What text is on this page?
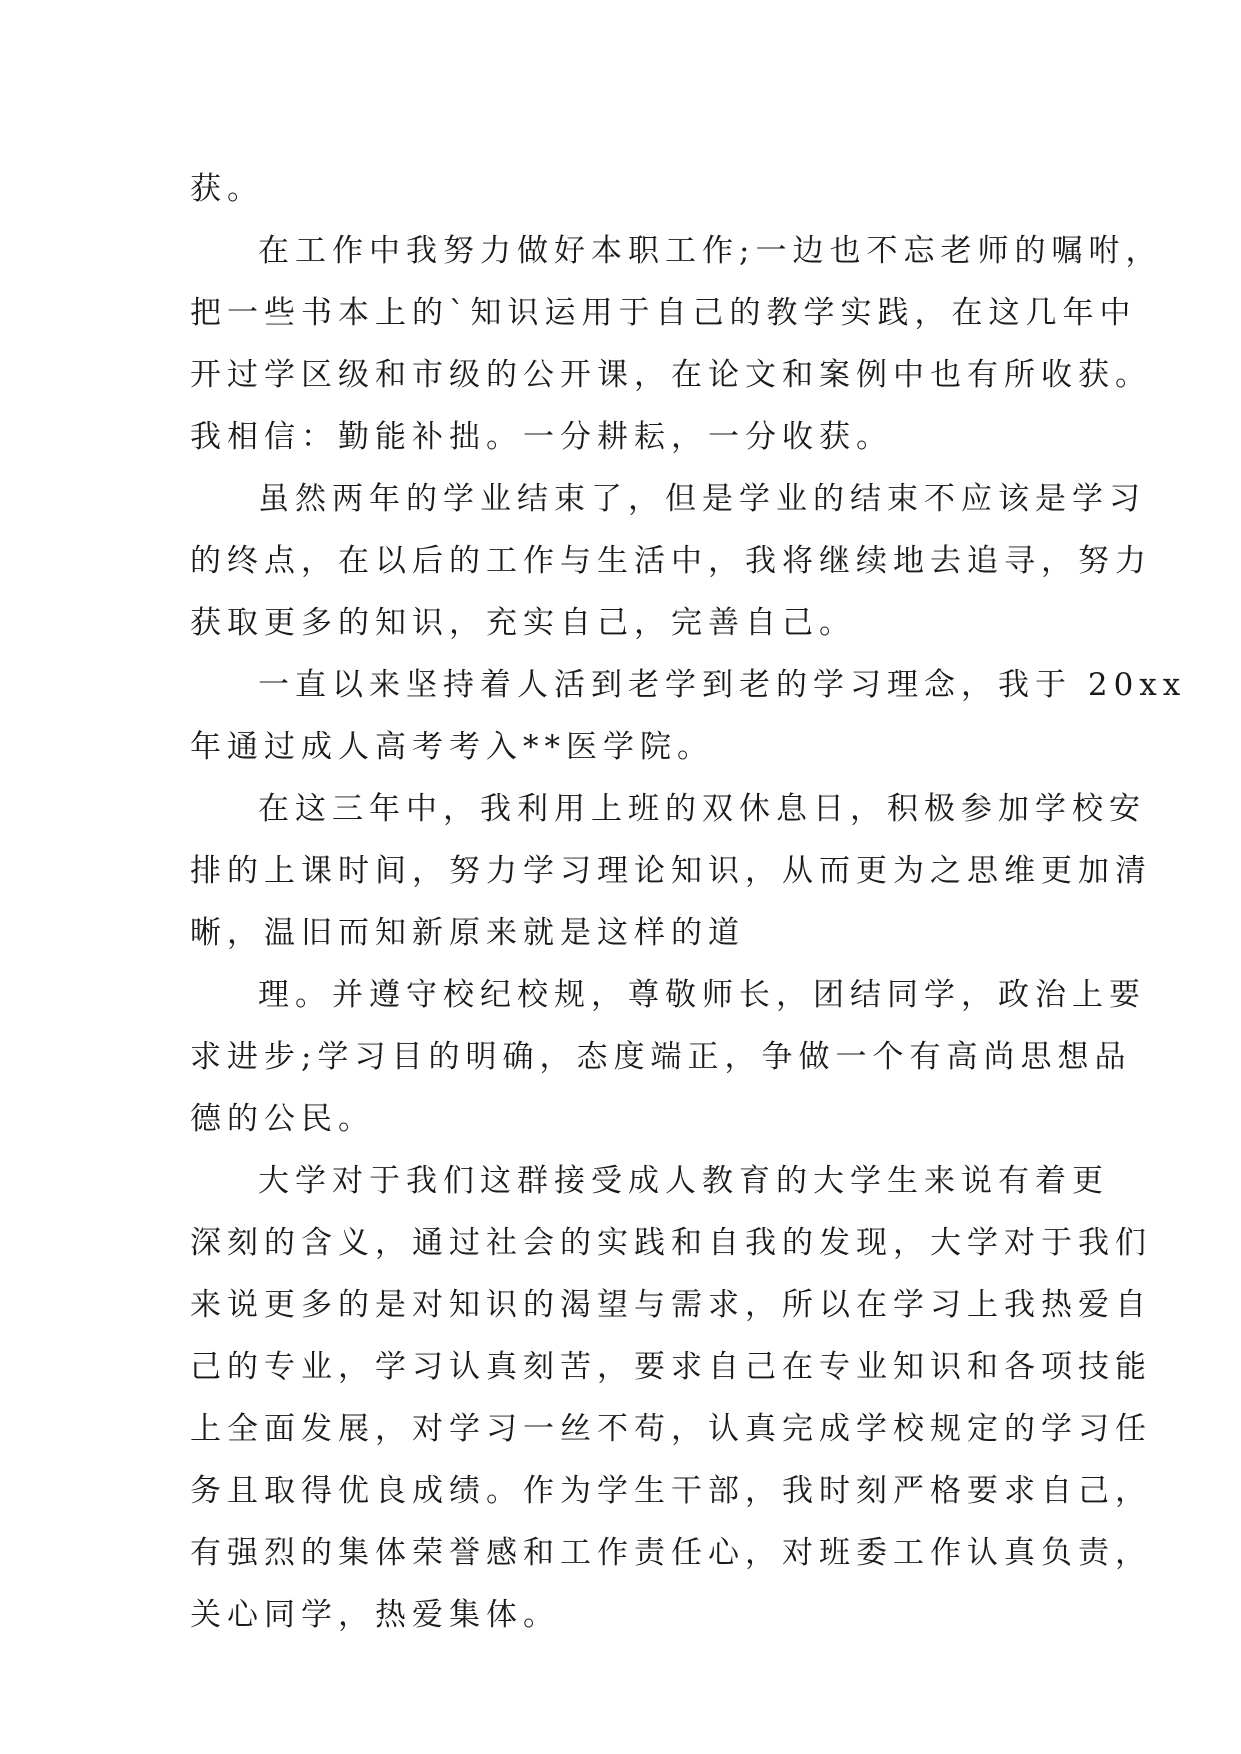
获。
在工作中我努力做好本职工作;一边也不忘老师的嘱咐，
把一些书本上的`知识运用于自己的教学实践，在这几年中
开过学区级和市级的公开课，在论文和案例中也有所收获。
我相信：勤能补拙。一分耕耘，一分收获。
虽然两年的学业结束了，但是学业的结束不应该是学习
的终点，在以后的工作与生活中，我将继续地去追寻，努力
获取更多的知识，充实自己，完善自己。
一直以来坚持着人活到老学到老的学习理念，我于 20xx
年通过成人高考考入**医学院。
在这三年中，我利用上班的双休息日，积极参加学校安
排的上课时间，努力学习理论知识，从而更为之思维更加清
晰，温旧而知新原来就是这样的道
理。并遵守校纪校规，尊敬师长，团结同学，政治上要
求进步;学习目的明确，态度端正，争做一个有高尚思想品
德的公民。
大学对于我们这群接受成人教育的大学生来说有着更
深刻的含义，通过社会的实践和自我的发现，大学对于我们
来说更多的是对知识的渴望与需求，所以在学习上我热爱自
己的专业，学习认真刻苦，要求自己在专业知识和各项技能
上全面发展，对学习一丝不苟，认真完成学校规定的学习任
务且取得优良成绩。作为学生干部，我时刻严格要求自己，
有强烈的集体荣誉感和工作责任心，对班委工作认真负责，
关心同学，热爱集体。
